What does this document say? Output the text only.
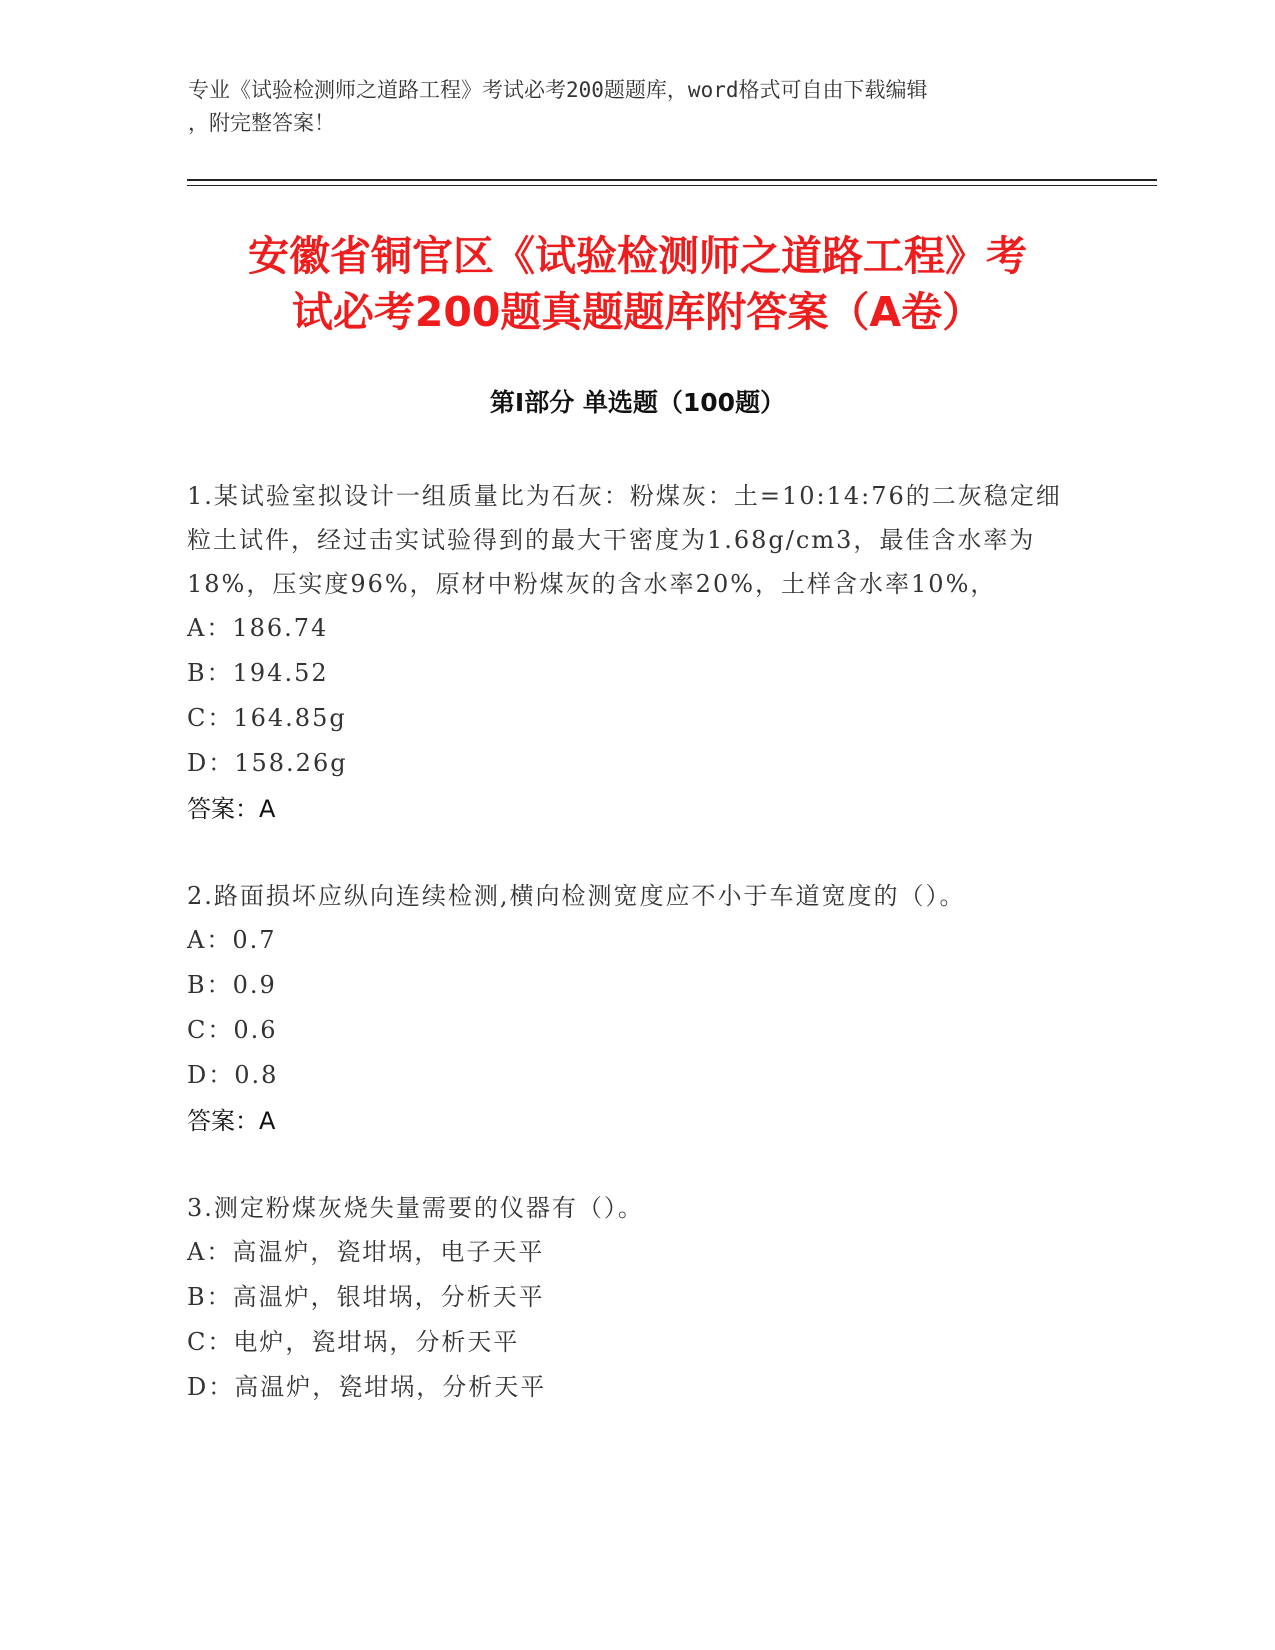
专业《试验检测师之道路工程》考试必考200题题库，word格式可自由下载编辑
，附完整答案！
安徽省铜官区《试验检测师之道路工程》考
试必考200题真题题库附答案（A卷）
第I部分 单选题（100题）

1.某试验室拟设计一组质量比为石灰：粉煤灰：土=10:14:76的二灰稳定细粒土试件，经过击实试验得到的最大干密度为1.68g/cm3，最佳含水率为18%，压实度96%，原材中粉煤灰的含水率20%，土样含水率10%，

A：186.74

B：194.52

C：164.85g

D：158.26g

答案：A

2.路面损坏应纵向连续检测,横向检测宽度应不小于车道宽度的（）。

A：0.7

B：0.9

C：0.6

D：0.8

答案：A

3.测定粉煤灰烧失量需要的仪器有（）。

A：高温炉，瓷坩埚，电子天平

B：高温炉，银坩埚，分析天平

C：电炉，瓷坩埚，分析天平

D：高温炉，瓷坩埚，分析天平
